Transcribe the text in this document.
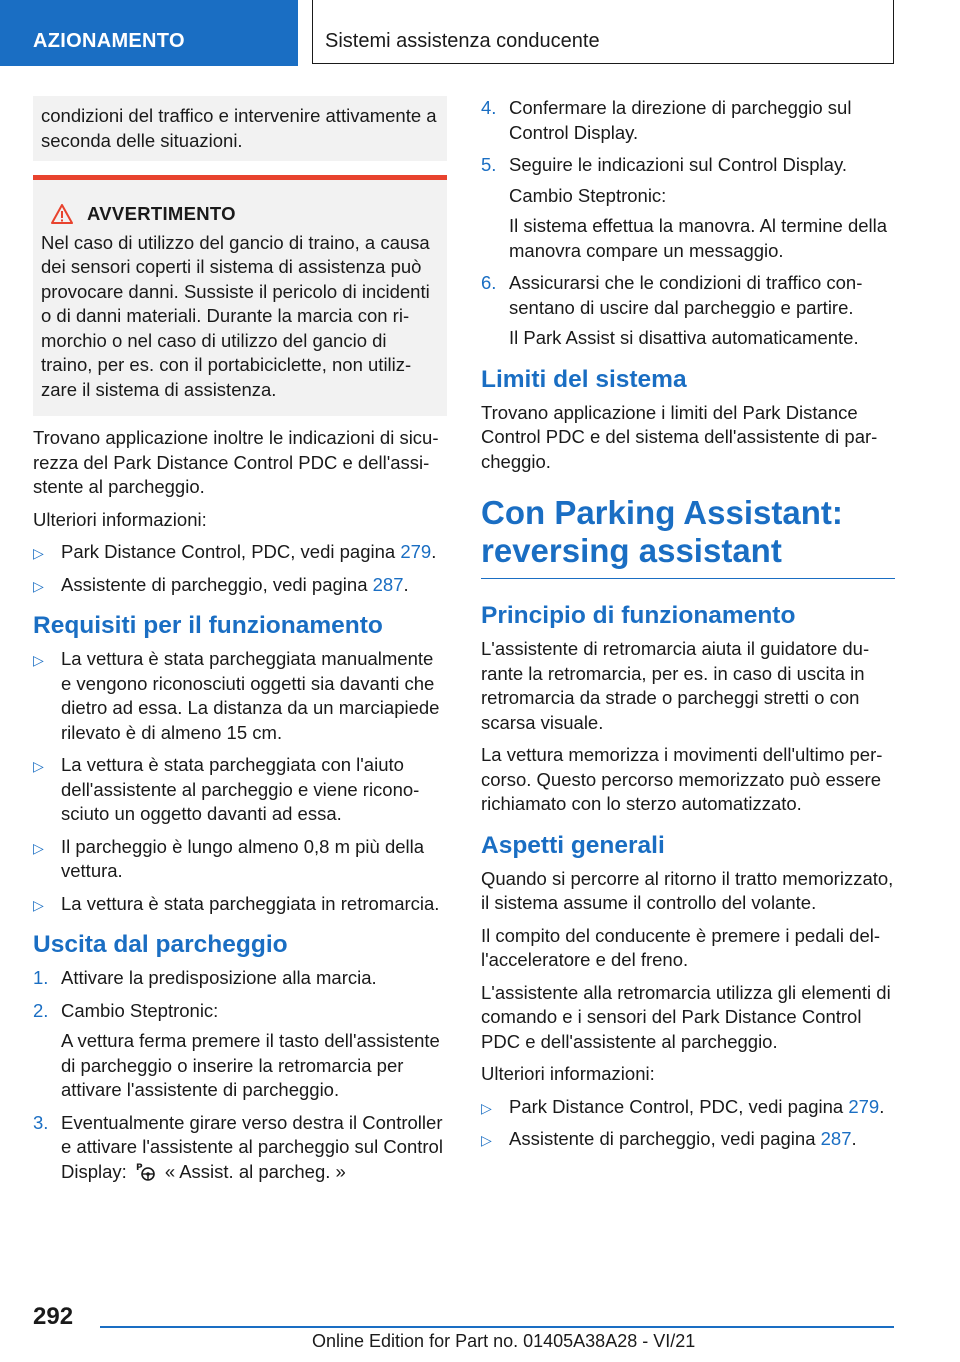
AZIONAMENTO	Sistemi assistenza conducente

condizioni del traffico e intervenire attivamente a seconda delle situazioni.

AVVERTIMENTO

Nel caso di utilizzo del gancio di traino, a causa dei sensori coperti il sistema di assistenza può provocare danni. Sussiste il pericolo di incidenti o di danni materiali. Durante la marcia con rimorchio o nel caso di utilizzo del gancio di traino, per es. con il portabiciclette, non utilizzare il sistema di assistenza.

Trovano applicazione inoltre le indicazioni di sicurezza del Park Distance Control PDC e dell'assistente al parcheggio.

Ulteriori informazioni:

▷ Park Distance Control, PDC, vedi pagina 279.
▷ Assistente di parcheggio, vedi pagina 287.
Requisiti per il funzionamento
▷ La vettura è stata parcheggiata manualmente e vengono riconosciuti oggetti sia davanti che dietro ad essa. La distanza da un marciapiede rilevato è di almeno 15 cm.
▷ La vettura è stata parcheggiata con l'aiuto dell'assistente al parcheggio e viene riconosciuto un oggetto davanti ad essa.
▷ Il parcheggio è lungo almeno 0,8 m più della vettura.
▷ La vettura è stata parcheggiata in retromarcia.
Uscita dal parcheggio
1. Attivare la predisposizione alla marcia.
2. Cambio Steptronic:

A vettura ferma premere il tasto dell'assistente di parcheggio o inserire la retromarcia per attivare l'assistente di parcheggio.

3. Eventualmente girare verso destra il Controller e attivare l'assistente al parcheggio sul Control Display: P « Assist. al parcheg. »
4. Confermare la direzione di parcheggio sul Control Display.
5. Seguire le indicazioni sul Control Display.

Cambio Steptronic:

Il sistema effettua la manovra. Al termine della manovra compare un messaggio.

6. Assicurarsi che le condizioni di traffico consentano di uscire dal parcheggio e partire.

Il Park Assist si disattiva automaticamente.

Limiti del sistema

Trovano applicazione i limiti del Park Distance Control PDC e del sistema dell'assistente di parcheggio.

Con Parking Assistant: reversing assistant
Principio di funzionamento

L'assistente di retromarcia aiuta il guidatore durante la retromarcia, per es. in caso di uscita in retromarcia da strade o parcheggi stretti o con scarsa visuale.

La vettura memorizza i movimenti dell'ultimo percorso. Questo percorso memorizzato può essere richiamato con lo sterzo automatizzato.

Aspetti generali

Quando si percorre al ritorno il tratto memorizzato, il sistema assume il controllo del volante.

Il compito del conducente è premere i pedali dell'acceleratore e del freno.

L'assistente alla retromarcia utilizza gli elementi di comando e i sensori del Park Distance Control PDC e dell'assistente al parcheggio.

Ulteriori informazioni:

▷ Park Distance Control, PDC, vedi pagina 279.
▷ Assistente di parcheggio, vedi pagina 287.
292
Online Edition for Part no. 01405A38A28 - VI/21
